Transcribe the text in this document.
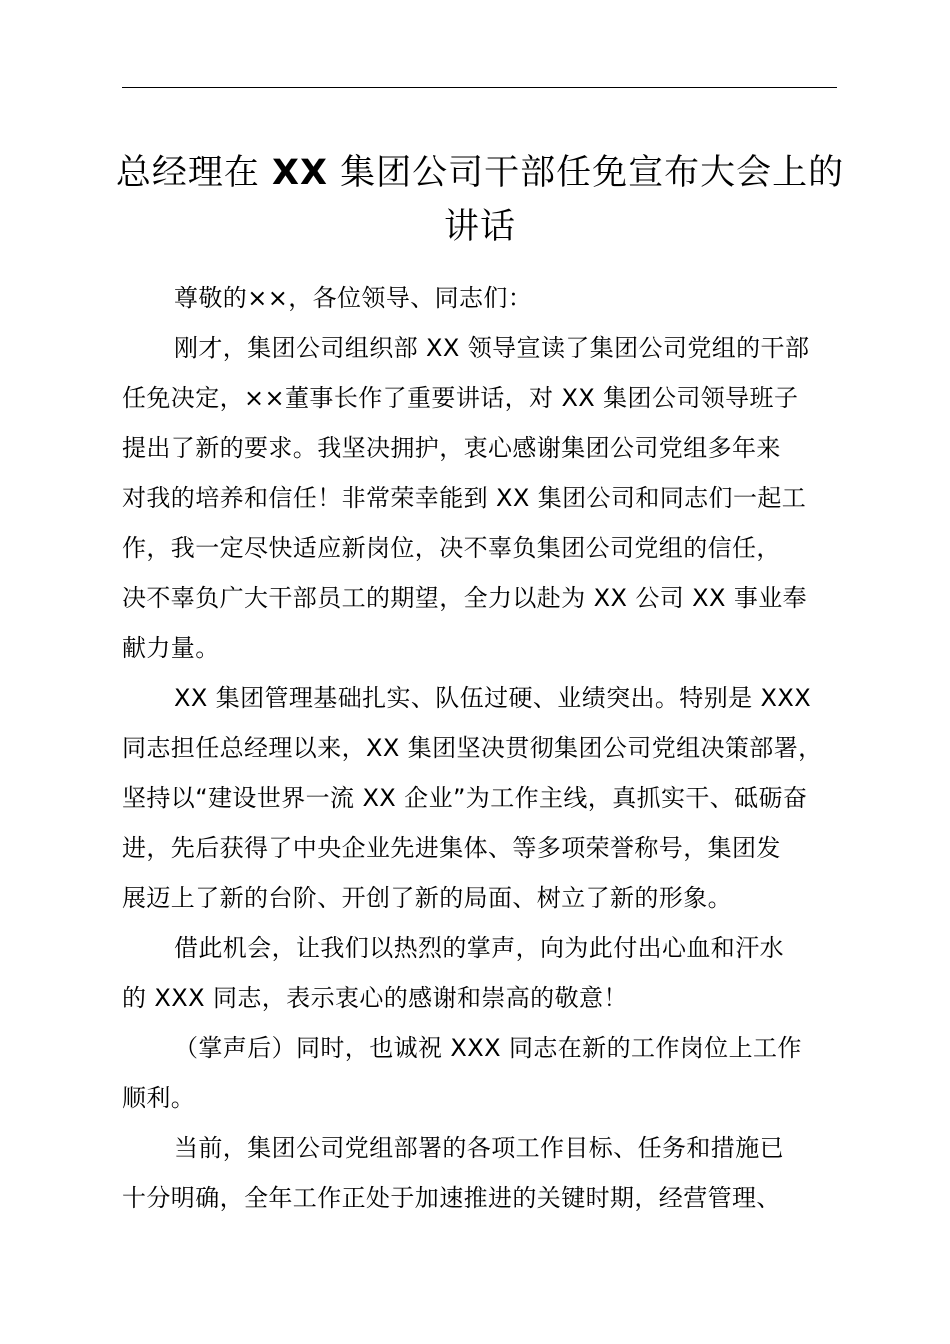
总经理在 XX 集团公司干部任免宣布大会上的
讲话

尊敬的××，各位领导、同志们：

刚才，集团公司组织部 XX 领导宣读了集团公司党组的干部
任免决定，××董事长作了重要讲话，对 XX 集团公司领导班子
提出了新的要求。我坚决拥护，衷心感谢集团公司党组多年来
对我的培养和信任！非常荣幸能到 XX 集团公司和同志们一起工
作，我一定尽快适应新岗位，决不辜负集团公司党组的信任，
决不辜负广大干部员工的期望，全力以赴为 XX 公司 XX 事业奉
献力量。

XX 集团管理基础扎实、队伍过硬、业绩突出。特别是 XXX
同志担任总经理以来，XX 集团坚决贯彻集团公司党组决策部署，
坚持以“建设世界一流 XX 企业”为工作主线，真抓实干、砥砺奋
进，先后获得了中央企业先进集体、等多项荣誉称号，集团发
展迈上了新的台阶、开创了新的局面、树立了新的形象。

借此机会，让我们以热烈的掌声，向为此付出心血和汗水
的 XXX 同志，表示衷心的感谢和崇高的敬意！

（掌声后）同时，也诚祝 XXX 同志在新的工作岗位上工作
顺利。

当前，集团公司党组部署的各项工作目标、任务和措施已
十分明确，全年工作正处于加速推进的关键时期，经营管理、
